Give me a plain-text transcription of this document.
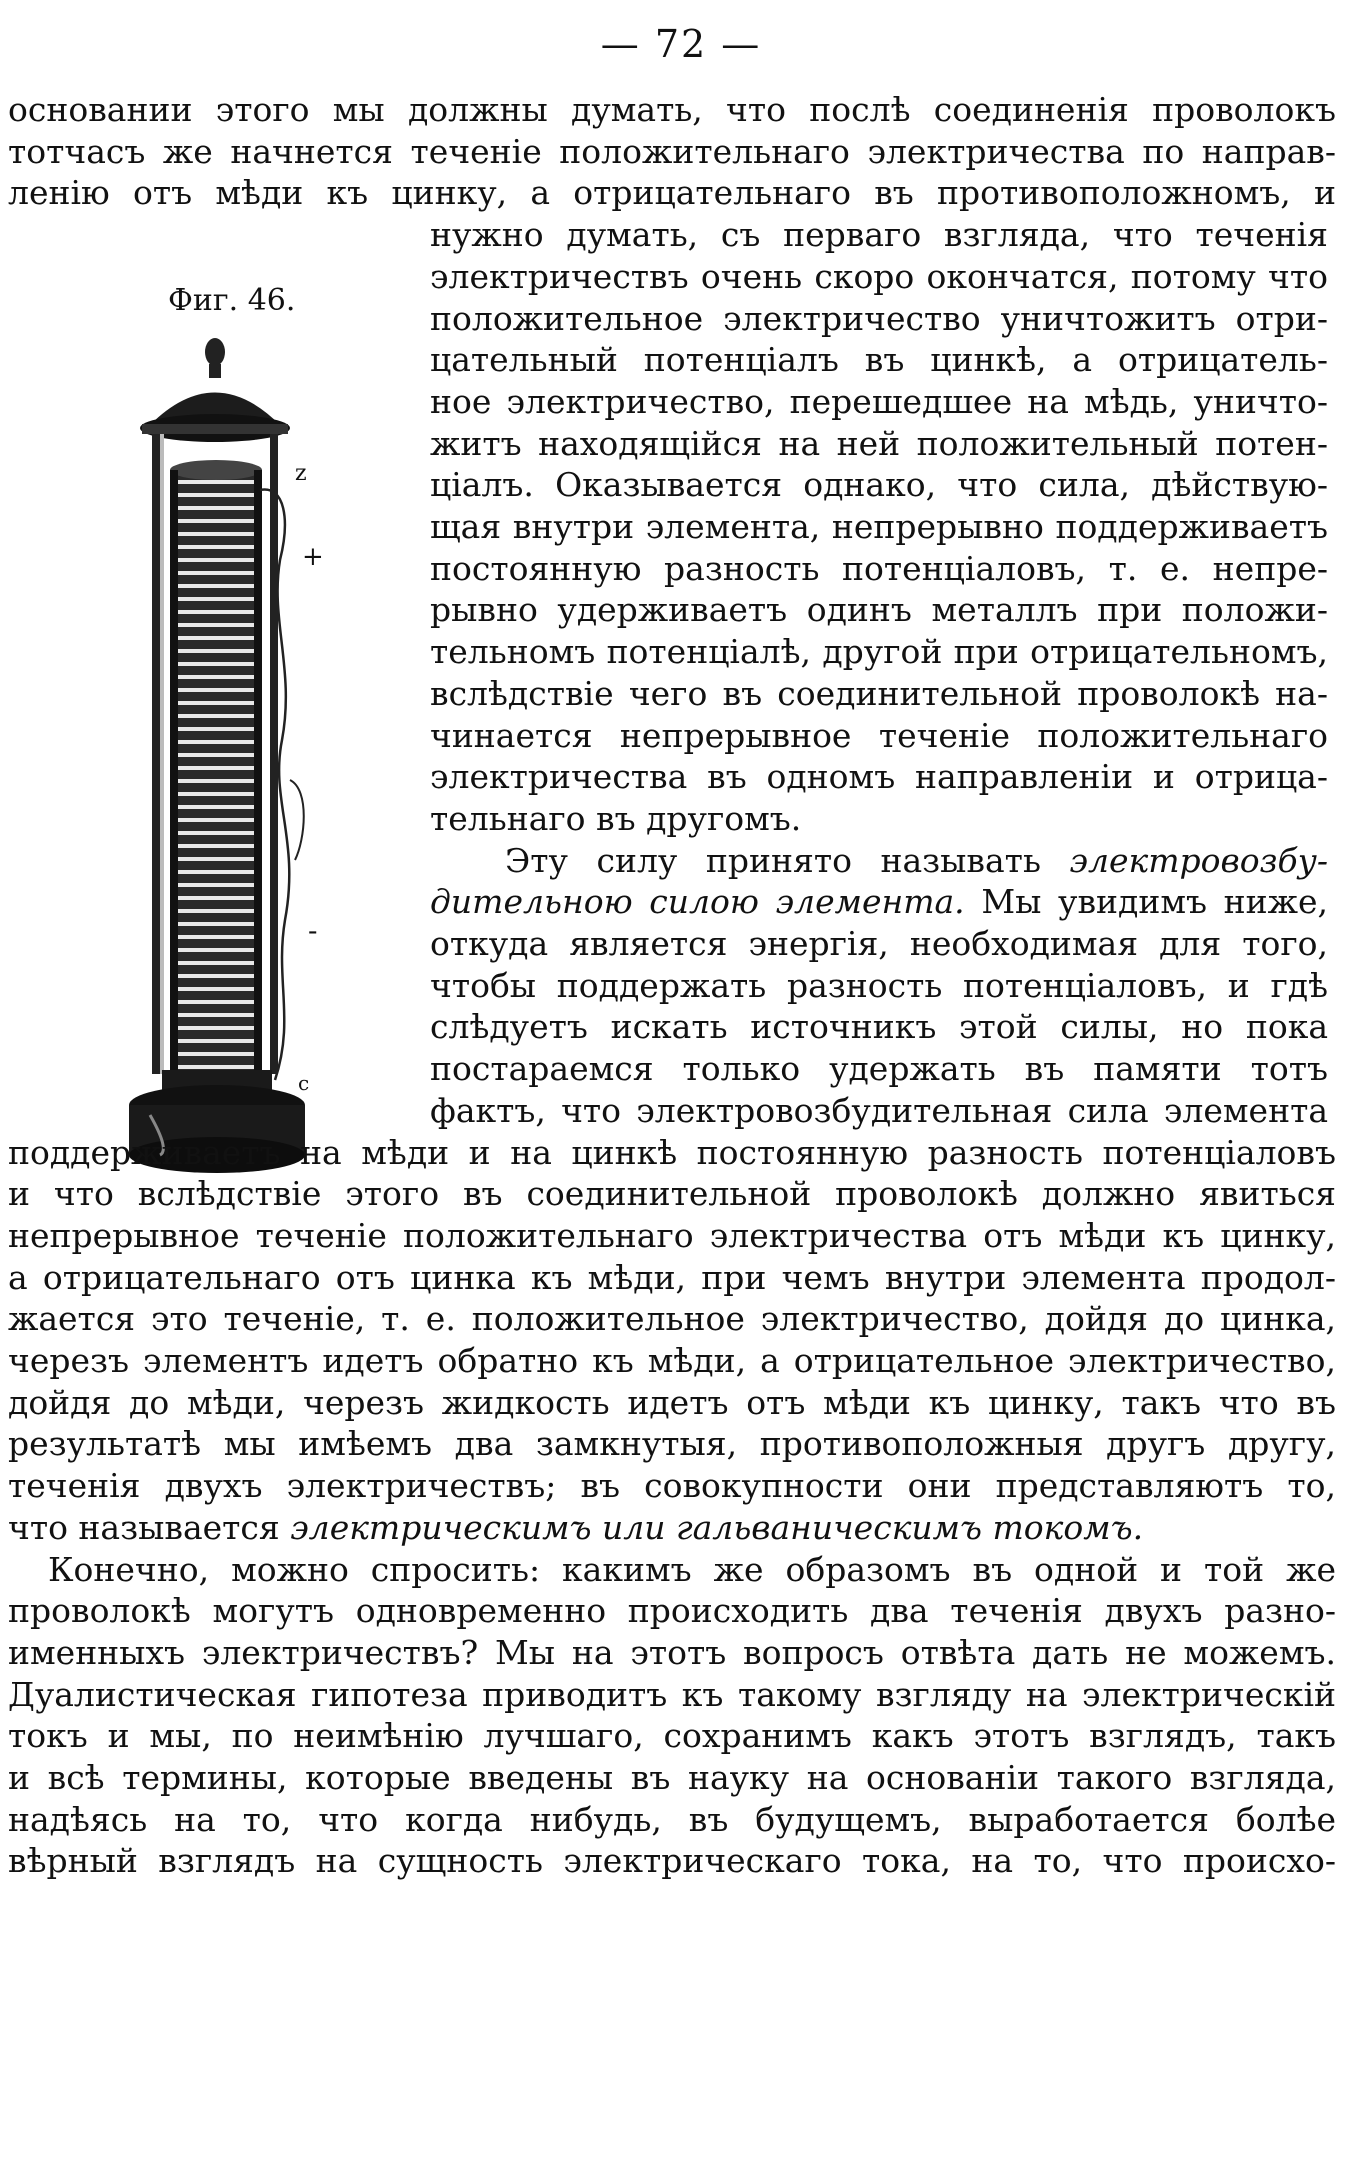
— 72 —
Фиг. 46.
z
+
-
c
основании этого мы должны думать, что послѣ соединенія проволокъ
тотчасъ же начнется теченіе положительнаго электричества по направ-
ленію отъ мѣди къ цинку, а отрицательнаго въ противоположномъ, и
нужно думать, съ перваго взгляда, что теченія
электричествъ очень скоро окончатся, потому что
положительное электричество уничтожитъ отри-
цательный потенціалъ въ цинкѣ, а отрицатель-
ное электричество, перешедшее на мѣдь, уничто-
житъ находящійся на ней положительный потен-
ціалъ. Оказывается однако, что сила, дѣйствую-
щая внутри элемента, непрерывно поддерживаетъ
постоянную разность потенціаловъ, т. е. непре-
рывно удерживаетъ одинъ металлъ при положи-
тельномъ потенціалѣ, другой при отрицательномъ,
вслѣдствіе чего въ соединительной проволокѣ на-
чинается непрерывное теченіе положительнаго
электричества въ одномъ направленіи и отрица-
тельнаго въ другомъ.
Эту силу принято называть электровозбу-
дительною силою элемента. Мы увидимъ ниже,
откуда является энергія, необходимая для того,
чтобы поддержать разность потенціаловъ, и гдѣ
слѣдуетъ искать источникъ этой силы, но пока
постараемся только удержать въ памяти тотъ
фактъ, что электровозбудительная сила элемента
поддерживаетъ на мѣди и на цинкѣ постоянную разность потенціаловъ
и что вслѣдствіе этого въ соединительной проволокѣ должно явиться
непрерывное теченіе положительнаго электричества отъ мѣди къ цинку,
а отрицательнаго отъ цинка къ мѣди, при чемъ внутри элемента продол-
жается это теченіе, т. е. положительное электричество, дойдя до цинка,
черезъ элементъ идетъ обратно къ мѣди, а отрицательное электричество,
дойдя до мѣди, черезъ жидкость идетъ отъ мѣди къ цинку, такъ что въ
результатѣ мы имѣемъ два замкнутыя, противоположныя другъ другу,
теченія двухъ электричествъ; въ совокупности они представляютъ то,
что называется электрическимъ или гальваническимъ токомъ.
Конечно, можно спросить: какимъ же образомъ въ одной и той же
проволокѣ могутъ одновременно происходить два теченія двухъ разно-
именныхъ электричествъ? Мы на этотъ вопросъ отвѣта дать не можемъ.
Дуалистическая гипотеза приводитъ къ такому взгляду на электрическій
токъ и мы, по неимѣнію лучшаго, сохранимъ какъ этотъ взглядъ, такъ
и всѣ термины, которые введены въ науку на основаніи такого взгляда,
надѣясь на то, что когда нибудь, въ будущемъ, выработается болѣе
вѣрный взглядъ на сущность электрическаго тока, на то, что происхо-
